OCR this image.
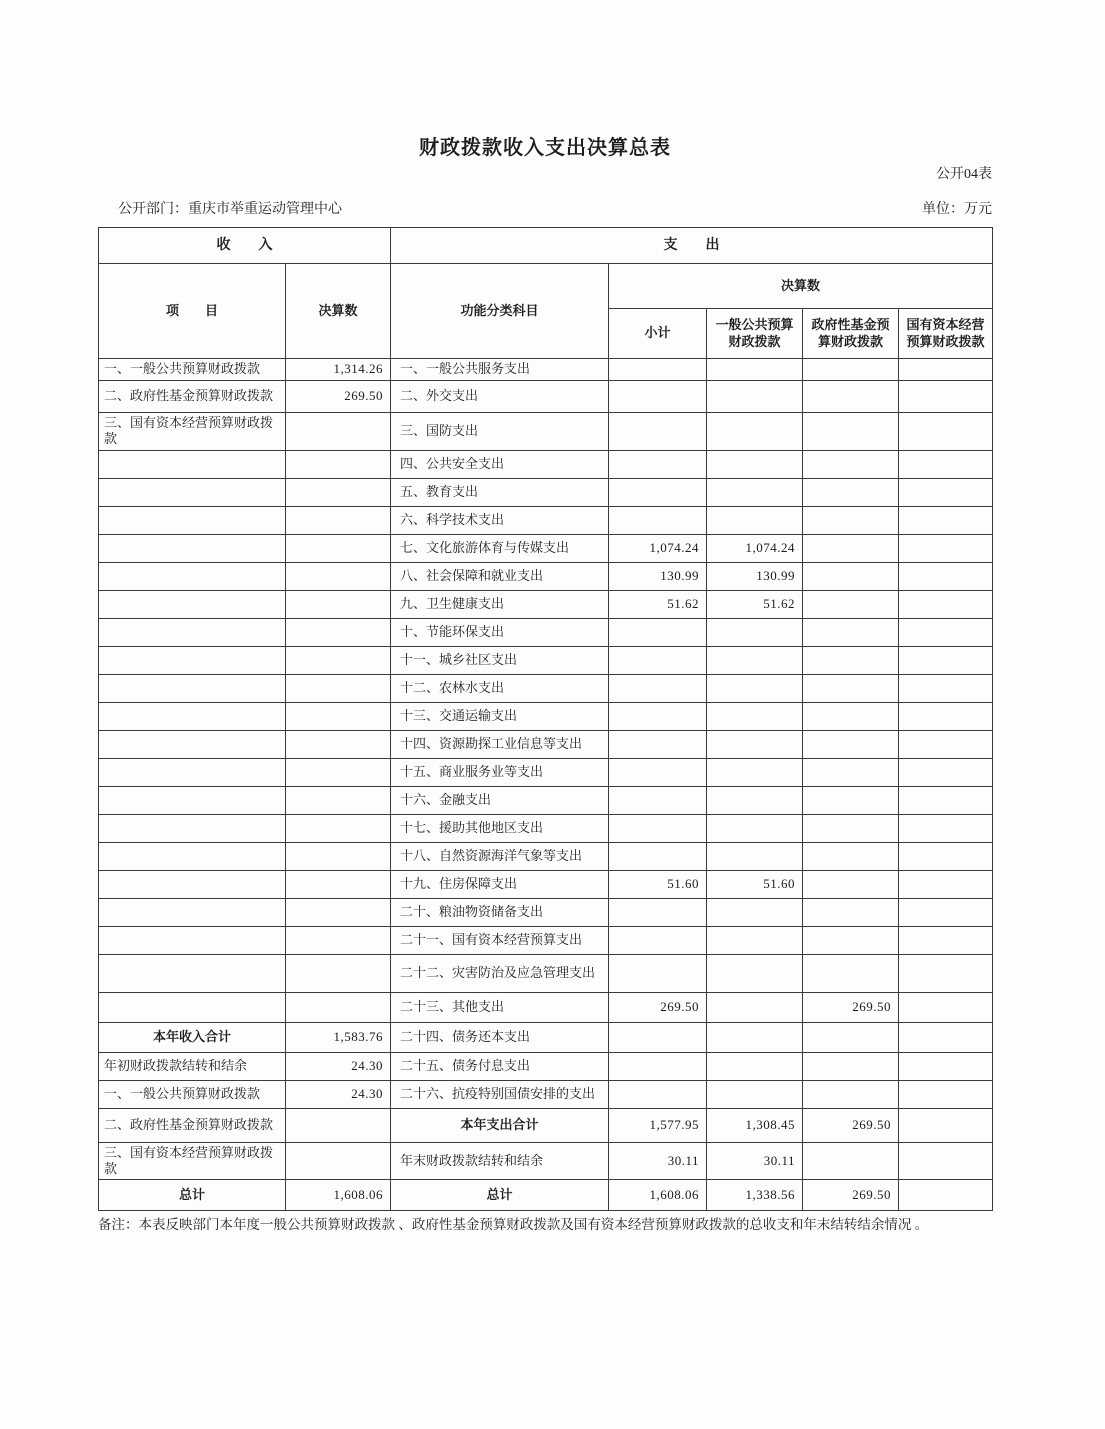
财政拨款收入支出决算总表
公开04表
公开部门：重庆市举重运动管理中心	单位：万元
收　　入		支　　出				
项　　目	决算数	功能分类科目	决算数			
			小计	一般公共预算财政拨款	政府性基金预算财政拨款	国有资本经营预算财政拨款
一、一般公共预算财政拨款	1,314.26	一、一般公共服务支出				
二、政府性基金预算财政拨款	269.50	二、外交支出				
三、国有资本经营预算财政拨款		三、国防支出				
		四、公共安全支出				
		五、教育支出				
		六、科学技术支出				
		七、文化旅游体育与传媒支出	1,074.24	1,074.24		
		八、社会保障和就业支出	130.99	130.99		
		九、卫生健康支出	51.62	51.62		
		十、节能环保支出				
		十一、城乡社区支出				
		十二、农林水支出				
		十三、交通运输支出				
		十四、资源勘探工业信息等支出				
		十五、商业服务业等支出				
		十六、金融支出				
		十七、援助其他地区支出				
		十八、自然资源海洋气象等支出				
		十九、住房保障支出	51.60	51.60		
		二十、粮油物资储备支出				
		二十一、国有资本经营预算支出				
		二十二、灾害防治及应急管理支出				
		二十三、其他支出	269.50		269.50	
本年收入合计	1,583.76	二十四、债务还本支出				
年初财政拨款结转和结余	24.30	二十五、债务付息支出				
一、一般公共预算财政拨款	24.30	二十六、抗疫特别国债安排的支出				
二、政府性基金预算财政拨款		本年支出合计	1,577.95	1,308.45	269.50	
三、国有资本经营预算财政拨款		年末财政拨款结转和结余	30.11	30.11		
总计	1,608.06	总计	1,608.06	1,338.56	269.50	
备注：本表反映部门本年度一般公共预算财政拨款 、政府性基金预算财政拨款及国有资本经营预算财政拨款的总收支和年末结转结余情况 。
